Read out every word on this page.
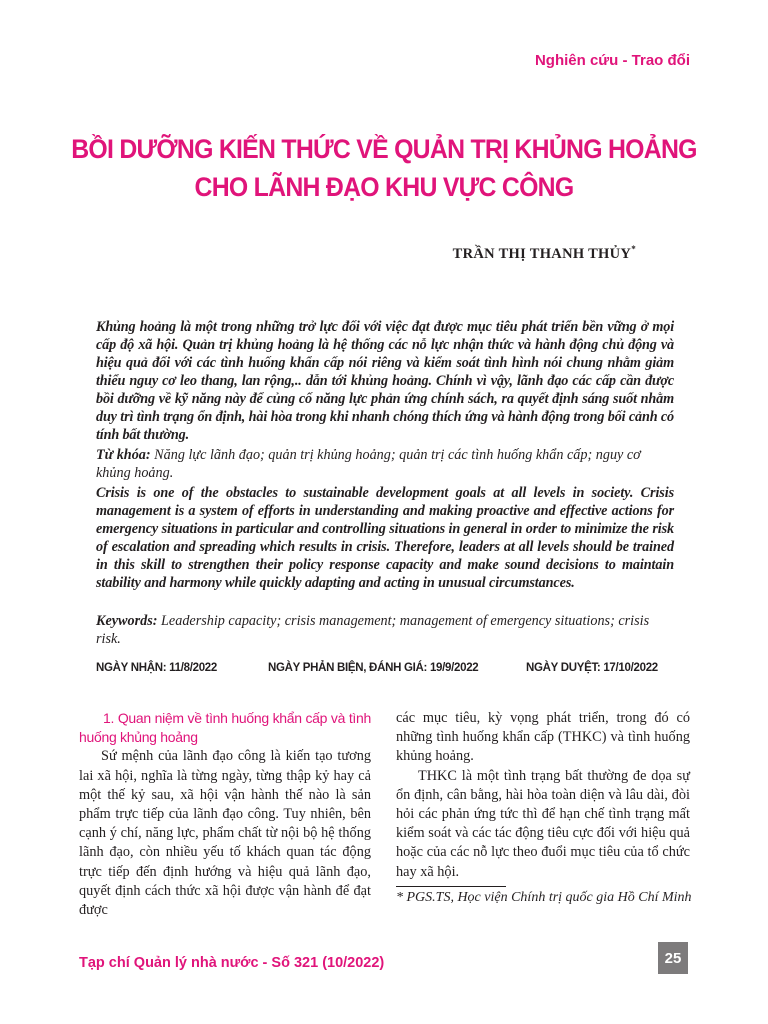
Nghiên cứu - Trao đổi
BỒI DƯỠNG KIẾN THỨC VỀ QUẢN TRỊ KHỦNG HOẢNG
CHO LÃNH ĐẠO KHU VỰC CÔNG
TRẦN THỊ THANH THỦY*
Khủng hoảng là một trong những trở lực đối với việc đạt được mục tiêu phát triển bền vững ở mọi cấp độ xã hội. Quản trị khủng hoảng là hệ thống các nỗ lực nhận thức và hành động chủ động và hiệu quả đối với các tình huống khẩn cấp nói riêng và kiểm soát tình hình nói chung nhằm giảm thiểu nguy cơ leo thang, lan rộng,.. dẫn tới khủng hoảng. Chính vì vậy, lãnh đạo các cấp cần được bồi dưỡng về kỹ năng này để củng cố năng lực phản ứng chính sách, ra quyết định sáng suốt nhằm duy trì tình trạng ổn định, hài hòa trong khi nhanh chóng thích ứng và hành động trong bối cảnh có tính bất thường.
Từ khóa: Năng lực lãnh đạo; quản trị khủng hoảng; quản trị các tình huống khẩn cấp; nguy cơ khủng hoảng.
Crisis is one of the obstacles to sustainable development goals at all levels in society. Crisis management is a system of efforts in understanding and making proactive and effective actions for emergency situations in particular and controlling situations in general in order to minimize the risk of escalation and spreading which results in crisis. Therefore, leaders at all levels should be trained in this skill to strengthen their policy response capacity and make sound decisions to maintain stability and harmony while quickly adapting and acting in unusual circumstances.
Keywords: Leadership capacity; crisis management; management of emergency situations; crisis risk.
NGÀY NHẬN: 11/8/2022	NGÀY PHẢN BIỆN, ĐÁNH GIÁ: 19/9/2022	NGÀY DUYỆT: 17/10/2022
1. Quan niệm về tình huống khẩn cấp và tình huống khủng hoảng

Sứ mệnh của lãnh đạo công là kiến tạo tương lai xã hội, nghĩa là từng ngày, từng thập kỷ hay cả một thế kỷ sau, xã hội vận hành thế nào là sản phẩm trực tiếp của lãnh đạo công. Tuy nhiên, bên cạnh ý chí, năng lực, phẩm chất từ nội bộ hệ thống lãnh đạo, còn nhiều yếu tố khách quan tác động trực tiếp đến định hướng và hiệu quả lãnh đạo, quyết định cách thức xã hội được vận hành để đạt được

các mục tiêu, kỳ vọng phát triển, trong đó có những tình huống khẩn cấp (THKC) và tình huống khủng hoảng.

THKC là một tình trạng bất thường đe dọa sự ổn định, cân bằng, hài hòa toàn diện và lâu dài, đòi hỏi các phản ứng tức thì để hạn chế tình trạng mất kiểm soát và các tác động tiêu cực đối với hiệu quả hoặc của các nỗ lực theo đuổi mục tiêu của tổ chức hay xã hội.

* PGS.TS, Học viện Chính trị quốc gia Hồ Chí Minh
Tạp chí Quản lý nhà nước - Số 321 (10/2022)	25
